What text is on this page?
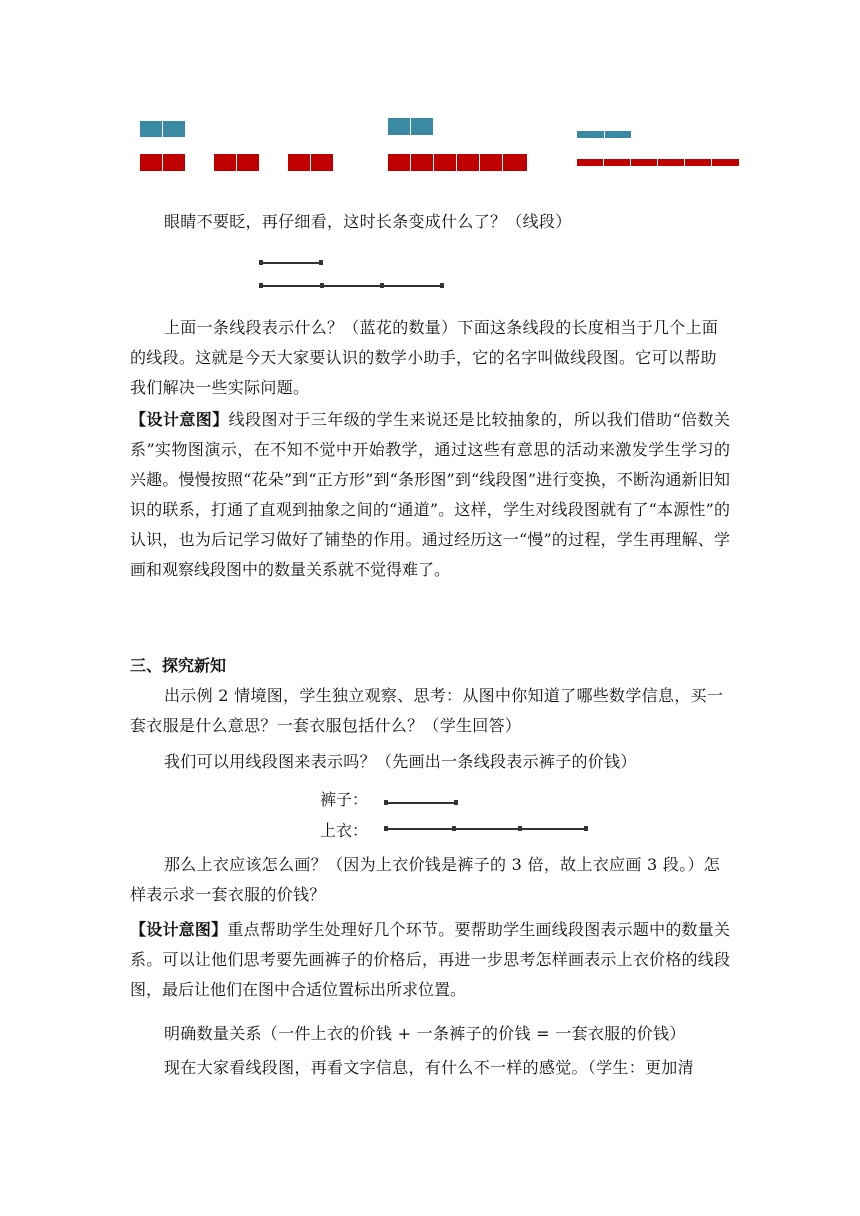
眼睛不要眨，再仔细看，这时长条变成什么了？（线段）

上面一条线段表示什么？（蓝花的数量）下面这条线段的长度相当于几个上面的线段。这就是今天大家要认识的数学小助手，它的名字叫做线段图。它可以帮助我们解决一些实际问题。

【设计意图】线段图对于三年级的学生来说还是比较抽象的，所以我们借助“倍数关系”实物图演示，在不知不觉中开始教学，通过这些有意思的活动来激发学生学习的兴趣。慢慢按照“花朵”到“正方形”到“条形图”到“线段图”进行变换，不断沟通新旧知识的联系，打通了直观到抽象之间的“通道”。这样，学生对线段图就有了“本源性”的认识，也为后记学习做好了铺垫的作用。通过经历这一“慢”的过程，学生再理解、学画和观察线段图中的数量关系就不觉得难了。
三、探究新知

出示例 2 情境图，学生独立观察、思考：从图中你知道了哪些数学信息，买一套衣服是什么意思？一套衣服包括什么？（学生回答）

我们可以用线段图来表示吗？（先画出一条线段表示裤子的价钱）

裤子：
上衣：

那么上衣应该怎么画？（因为上衣价钱是裤子的 3 倍，故上衣应画 3 段。）怎样表示求一套衣服的价钱？

【设计意图】重点帮助学生处理好几个环节。要帮助学生画线段图表示题中的数量关系。可以让他们思考要先画裤子的价格后，再进一步思考怎样画表示上衣价格的线段图，最后让他们在图中合适位置标出所求位置。

明确数量关系（一件上衣的价钱 + 一条裤子的价钱 = 一套衣服的价钱）

现在大家看线段图，再看文字信息，有什么不一样的感觉。（学生：更加清
